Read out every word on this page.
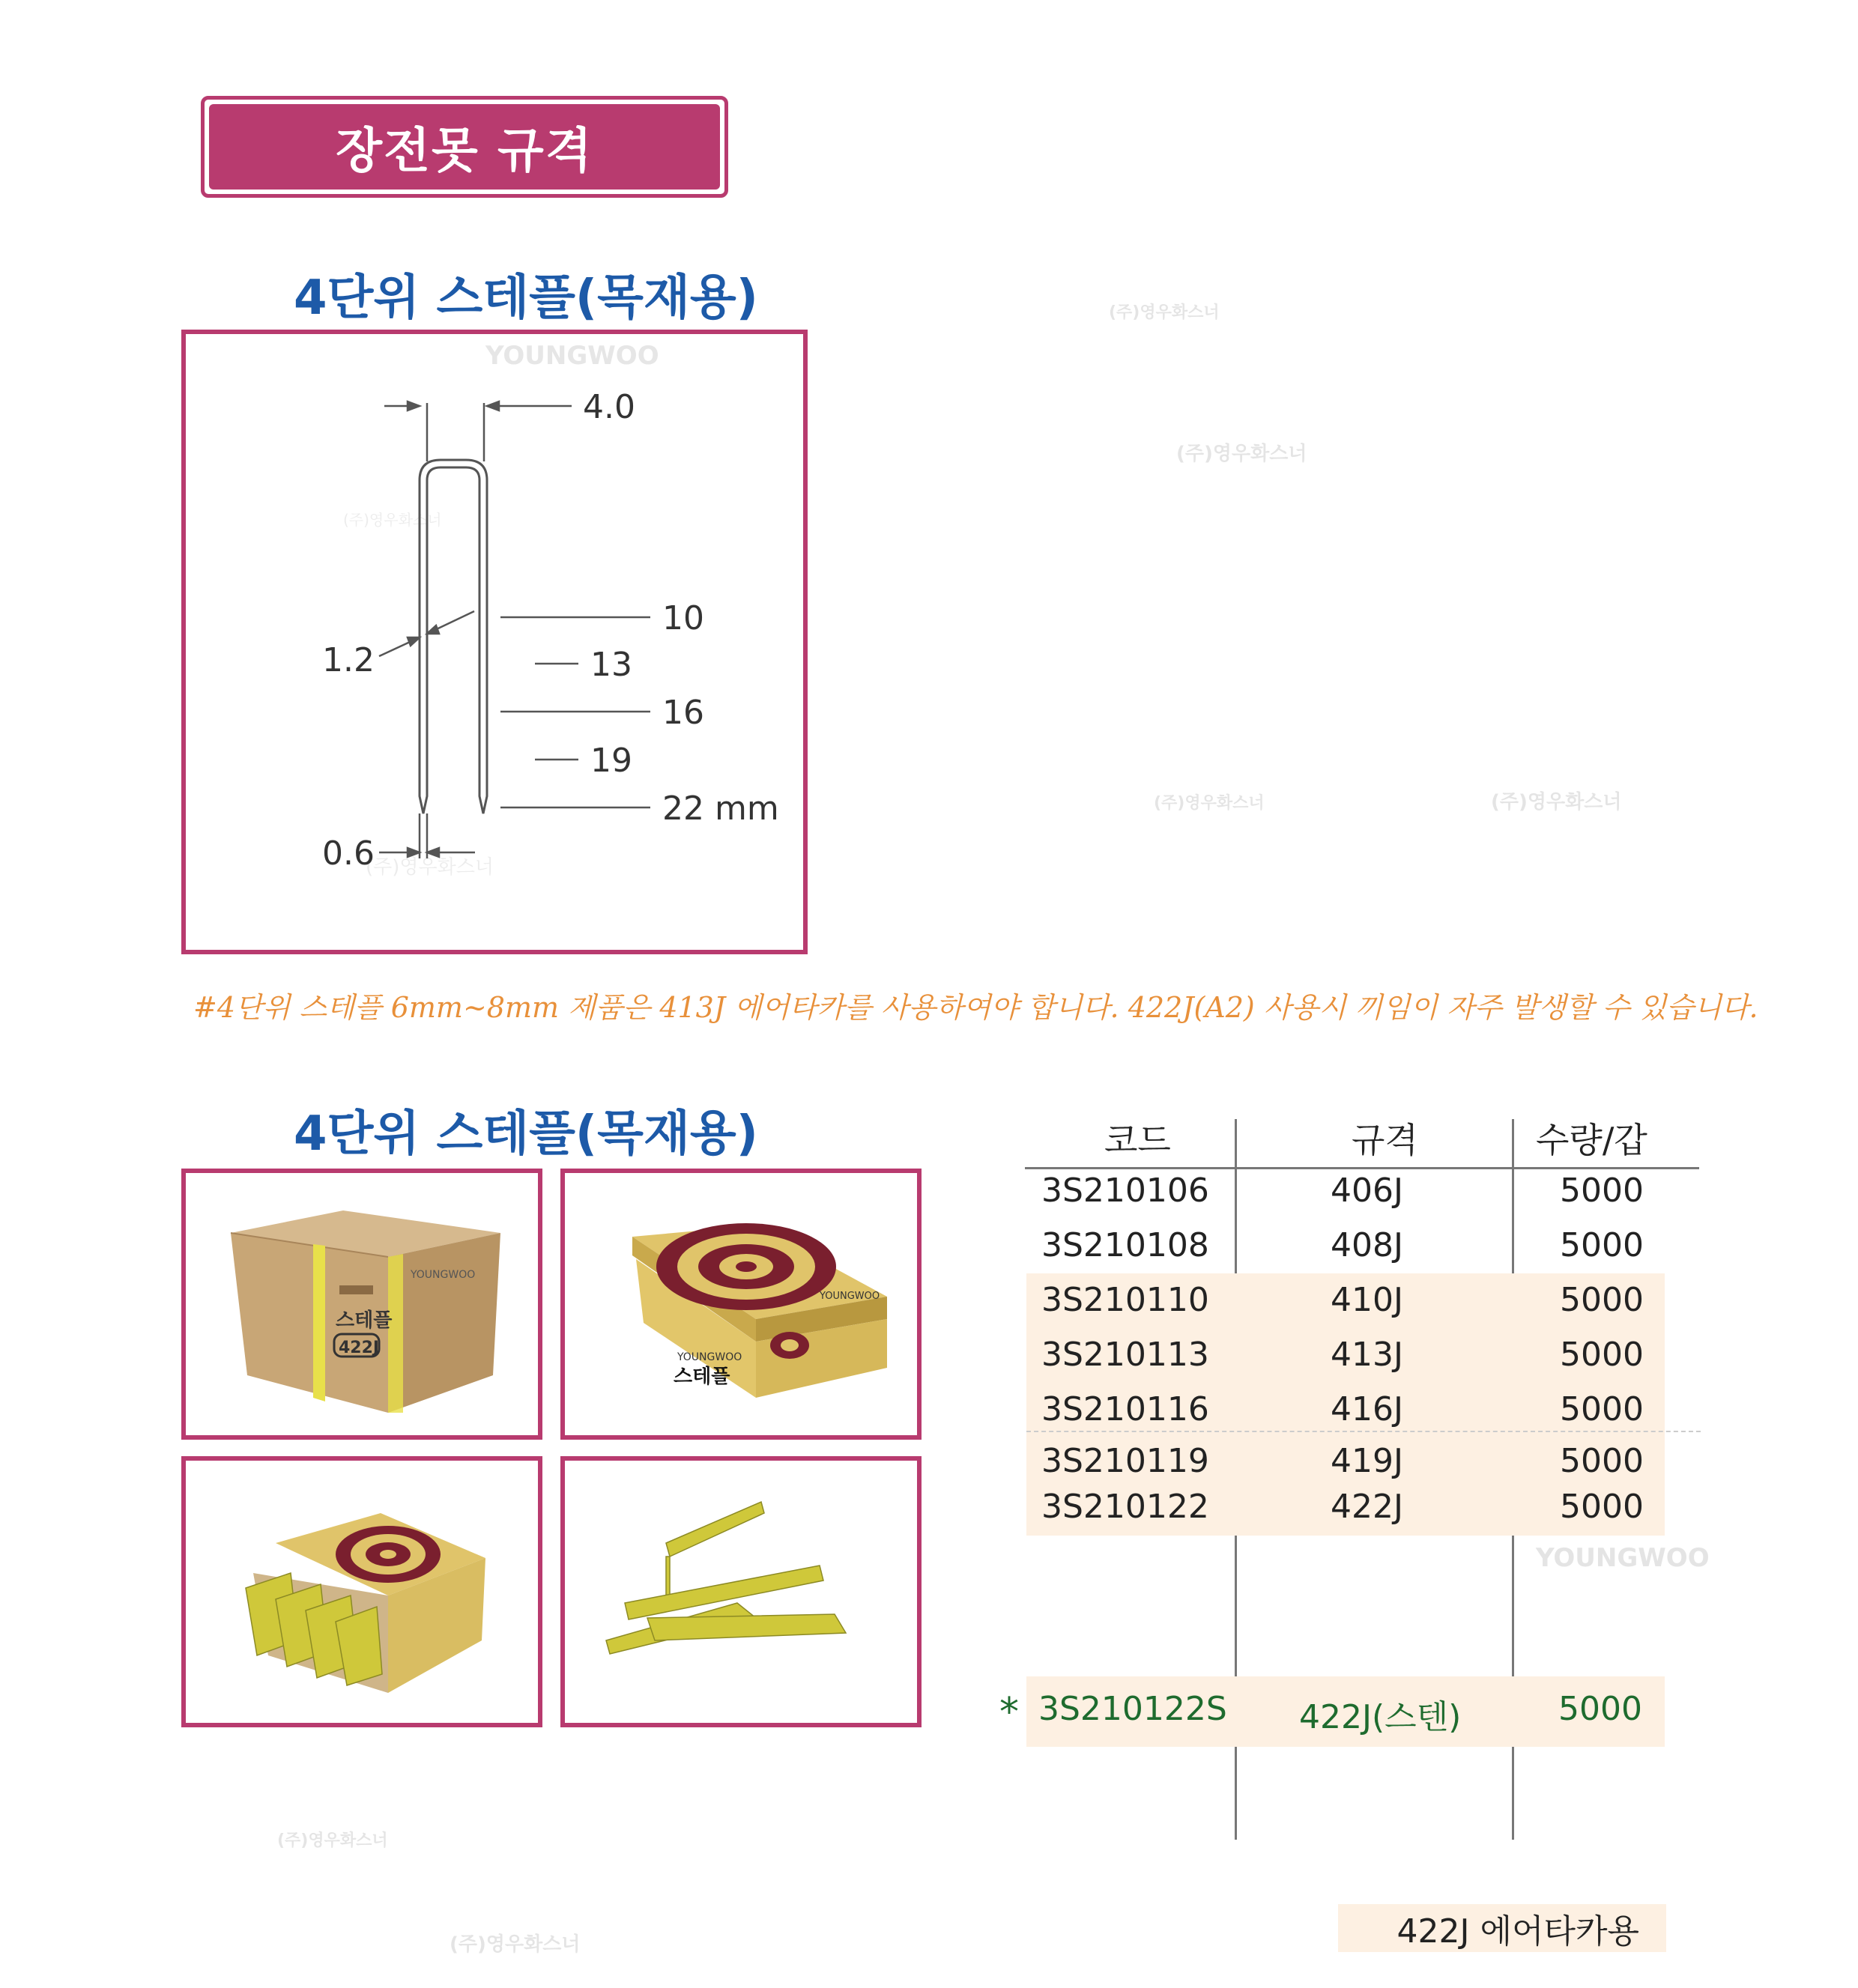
(주)영우화스너
(주)영우화스너
(주)영우화스너	(주)영우화스너
YOUNGWOO
(주)영우화스너
(주)영우화스너
장전못 규격
4단위 스테플(목재용)
YOUNGWOO
(주)영우화스너
(주)영우화스너
4.0
1.2
10
13
16
19
22 mm
0.6
#4단위 스테플 6mm~8mm 제품은 413J 에어타카를 사용하여야 합니다. 422J(A2) 사용시 끼임이 자주 발생할 수 있습니다.
4단위 스테플(목재용)
스테플
422J
YOUNGWOO
YOUNGWOO
스테플
YOUNGWOO
코드	규격	수량/갑
3S210106	406J	5000
3S210108	408J	5000
3S210110	410J	5000
3S210113	413J	5000
3S210116	416J	5000
3S210119	419J	5000
3S210122	422J	5000
* 3S210122S 422J(스텐)	5000
422J 에어타카용
